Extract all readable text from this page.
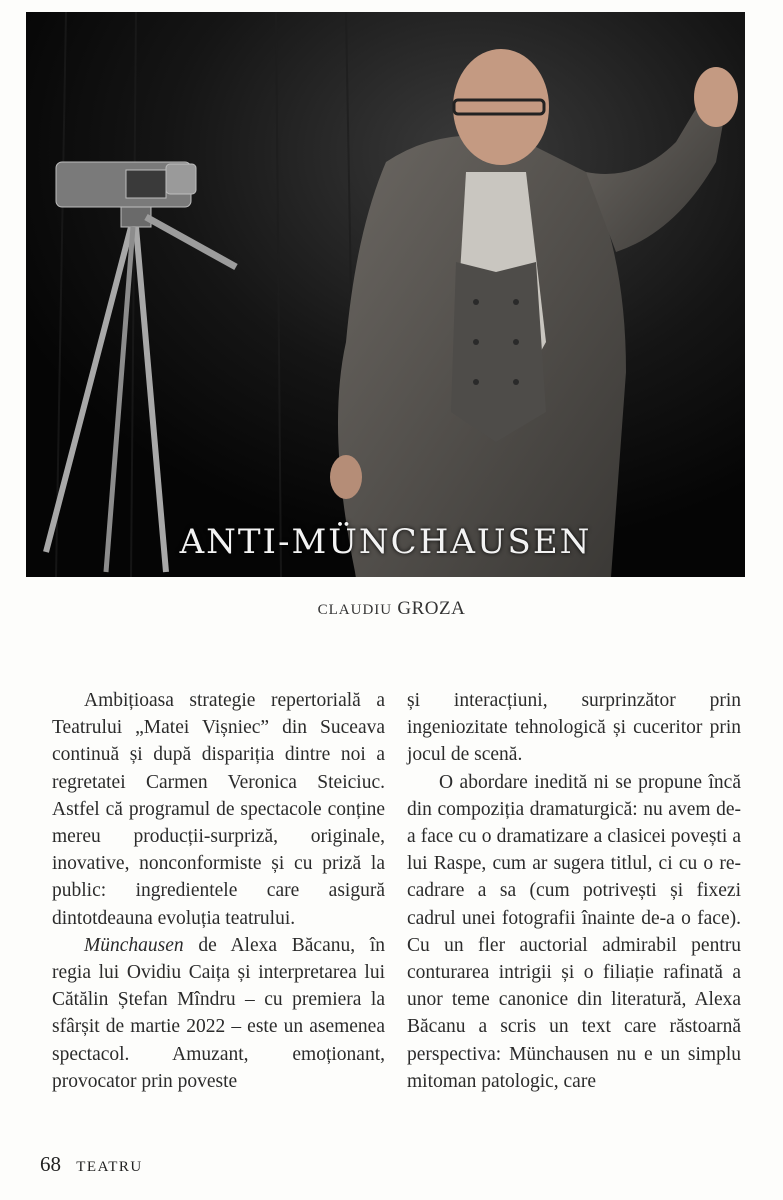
ANTI-MÜNCHAUSEN
CLAUDIU GROZA

Ambițioasa strategie repertorială a Teatrului „Matei Vișniec” din Suceava continuă și după dispariția dintre noi a regretatei Carmen Veronica Steiciuc. Astfel că programul de spectacole conține mereu producții-surpriză, originale, inovative, nonconformiste și cu priză la public: ingredientele care asigură dintotdeauna evoluția teatrului.

Münchausen de Alexa Băcanu, în regia lui Ovidiu Caița și interpretarea lui Cătălin Ștefan Mîndru – cu premiera la sfârșit de martie 2022 – este un asemenea spectacol. Amuzant, emoționant, provocator prin poveste

și interacțiuni, surprinzător prin ingeniozitate tehnologică și cuceritor prin jocul de scenă.

O abordare inedită ni se propune încă din compoziția dramaturgică: nu avem de-a face cu o dramatizare a clasicei povești a lui Raspe, cum ar sugera titlul, ci cu o re-cadrare a sa (cum potrivești și fixezi cadrul unei fotografii înainte de-a o face). Cu un fler auctorial admirabil pentru conturarea intrigii și o filiație rafinată a unor teme canonice din literatură, Alexa Băcanu a scris un text care răstoarnă perspectiva: Münchausen nu e un simplu mitoman patologic, care

68 TEATRU
